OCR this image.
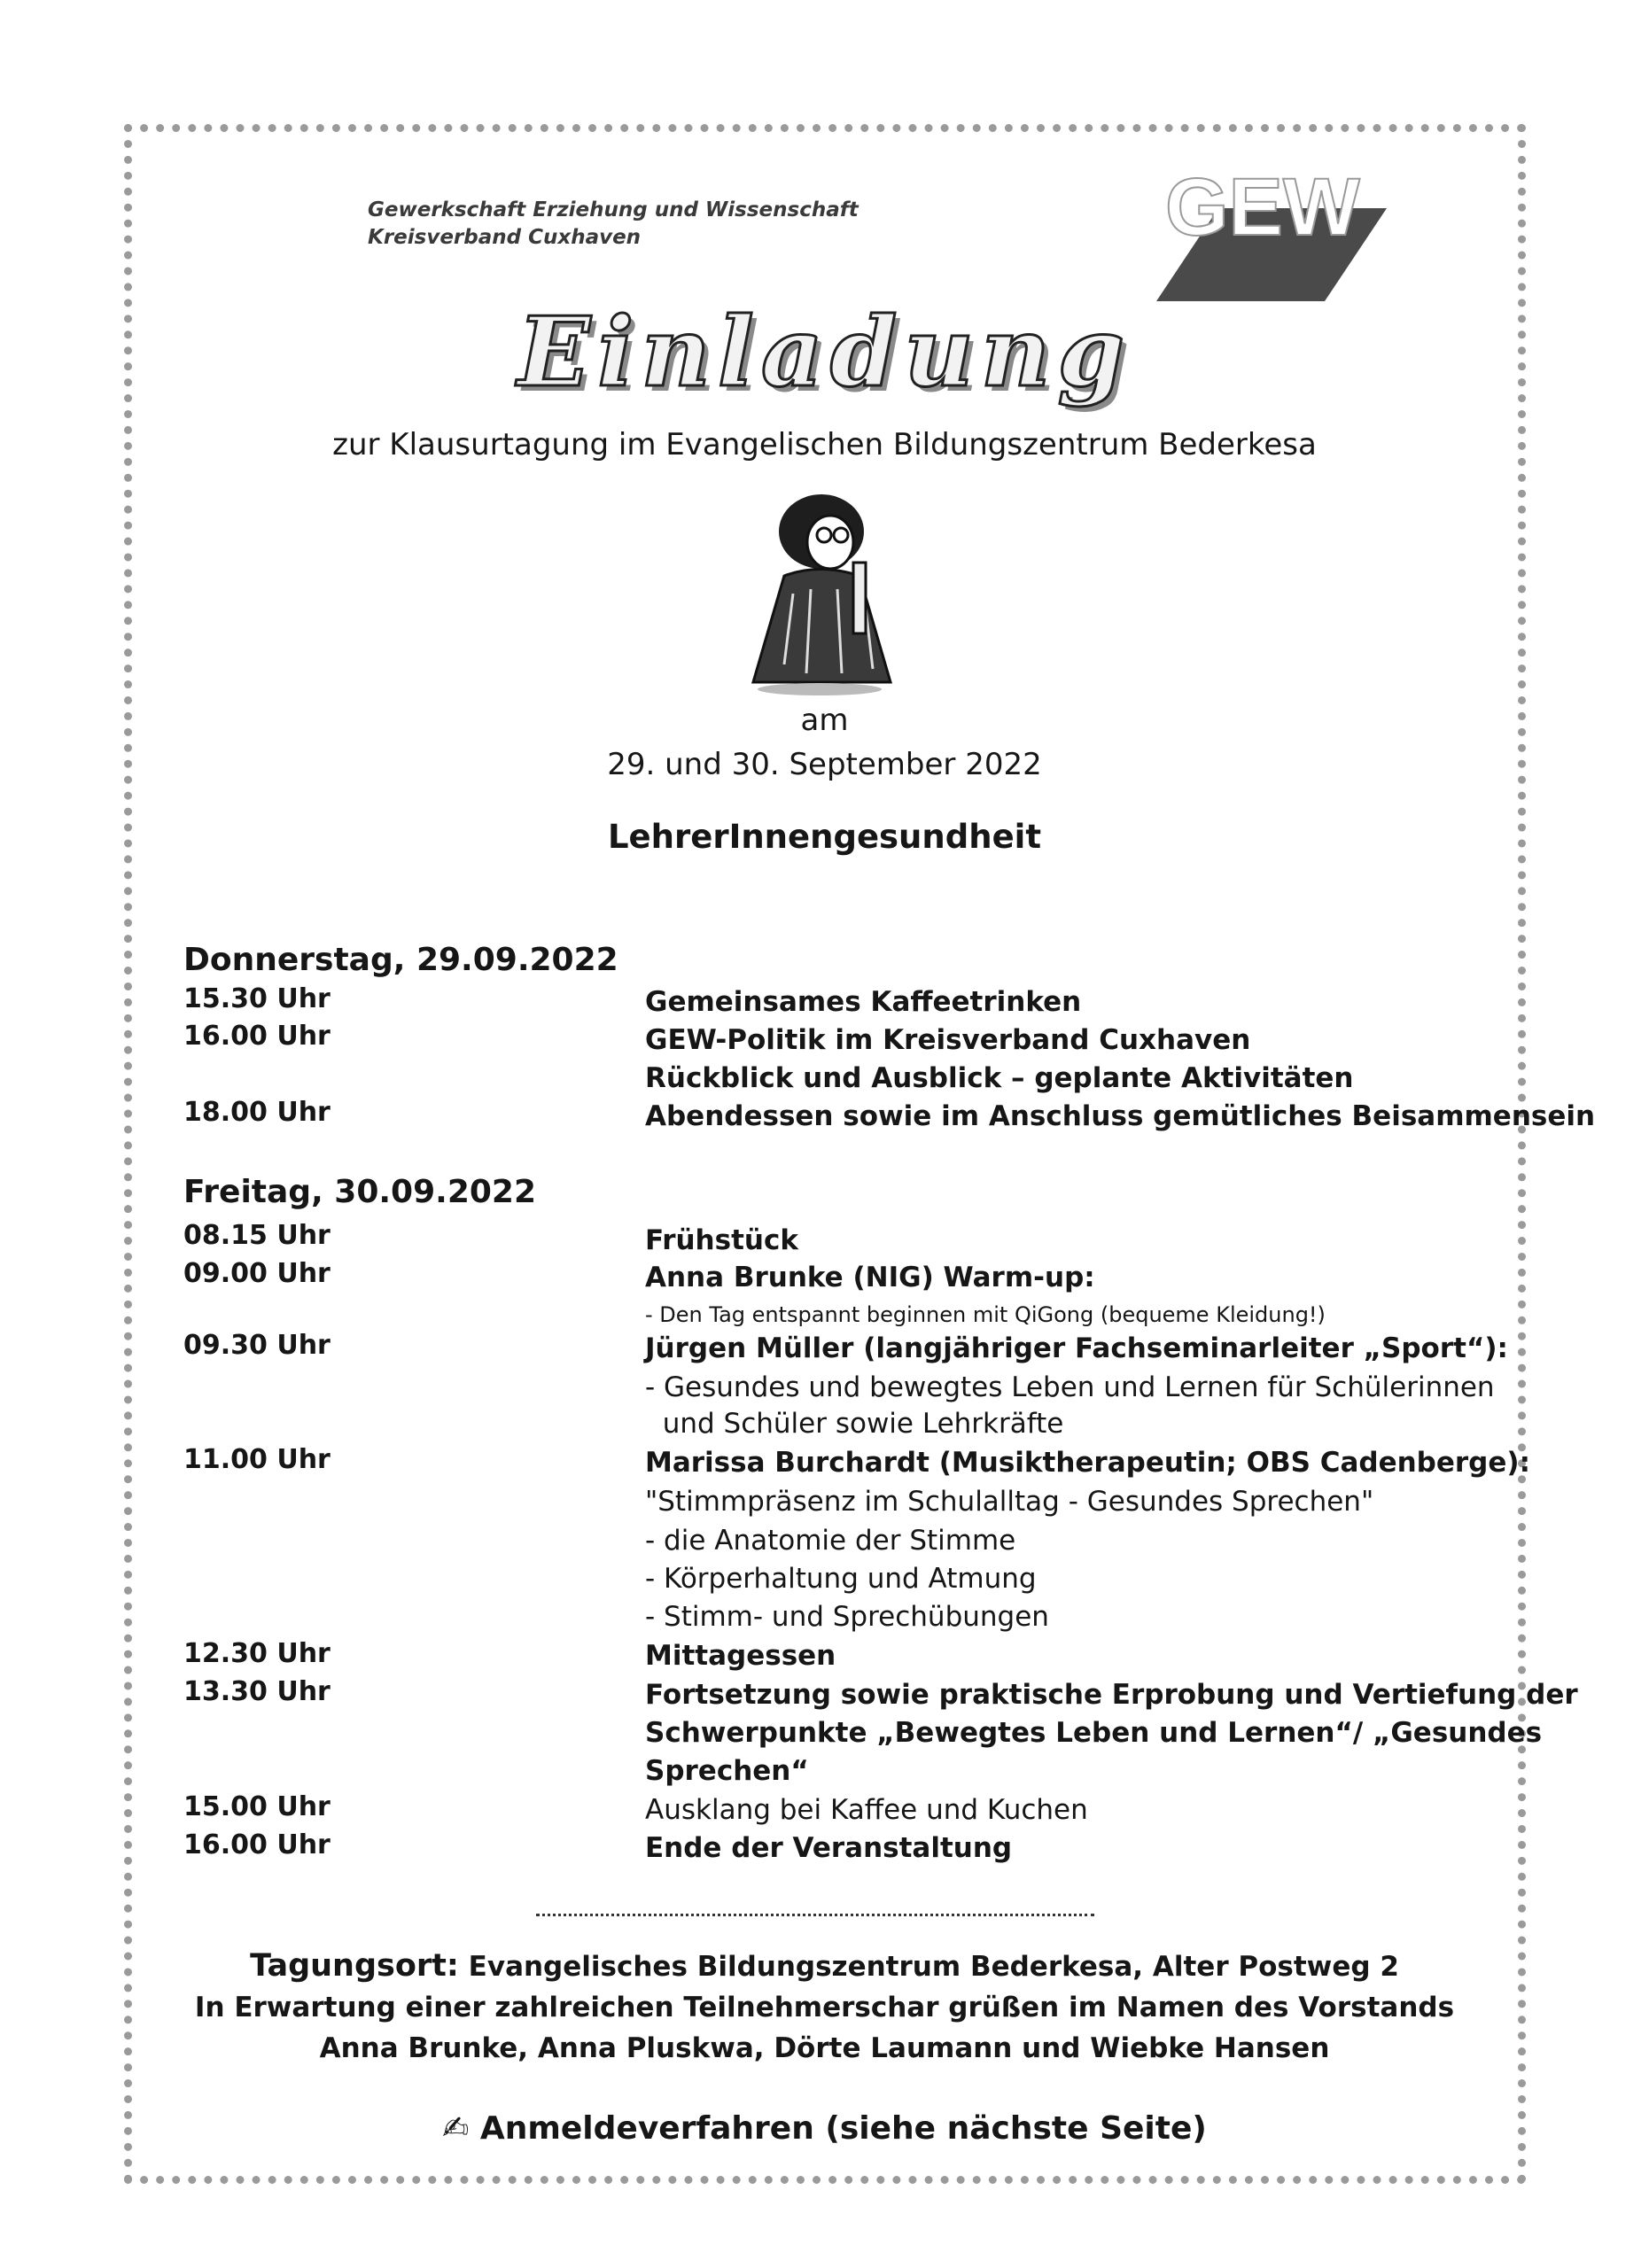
Gewerkschaft Erziehung und Wissenschaft
Kreisverband Cuxhaven	GEW
Einladung
zur Klausurtagung im Evangelischen Bildungszentrum Bederkesa
am
29. und 30. September 2022
LehrerInnengesundheit
Donnerstag, 29.09.2022
15.30 Uhr
16.00 Uhr
18.00 Uhr
Gemeinsames Kaffeetrinken
GEW-Politik im Kreisverband Cuxhaven
Rückblick und Ausblick – geplante Aktivitäten
Abendessen sowie im Anschluss gemütliches Beisammensein
Freitag, 30.09.2022
08.15 Uhr
09.00 Uhr
09.30 Uhr
11.00 Uhr
12.30 Uhr
13.30 Uhr
15.00 Uhr
16.00 Uhr
Frühstück
Anna Brunke (NIG) Warm-up:
- Den Tag entspannt beginnen mit QiGong (bequeme Kleidung!)
Jürgen Müller (langjähriger Fachseminarleiter „Sport“):
- Gesundes und bewegtes Leben und Lernen für Schülerinnen
und Schüler sowie Lehrkräfte
Marissa Burchardt (Musiktherapeutin; OBS Cadenberge):
"Stimmpräsenz im Schulalltag - Gesundes Sprechen"
- die Anatomie der Stimme
- Körperhaltung und Atmung
- Stimm- und Sprechübungen
Mittagessen
Fortsetzung sowie praktische Erprobung und Vertiefung der
Schwerpunkte „Bewegtes Leben und Lernen“/ „Gesundes
Sprechen“
Ausklang bei Kaffee und Kuchen
Ende der Veranstaltung
Tagungsort: Evangelisches Bildungszentrum Bederkesa, Alter Postweg 2
In Erwartung einer zahlreichen Teilnehmerschar grüßen im Namen des Vorstands
Anna Brunke, Anna Pluskwa, Dörte Laumann und Wiebke Hansen
✍ Anmeldeverfahren (siehe nächste Seite)
